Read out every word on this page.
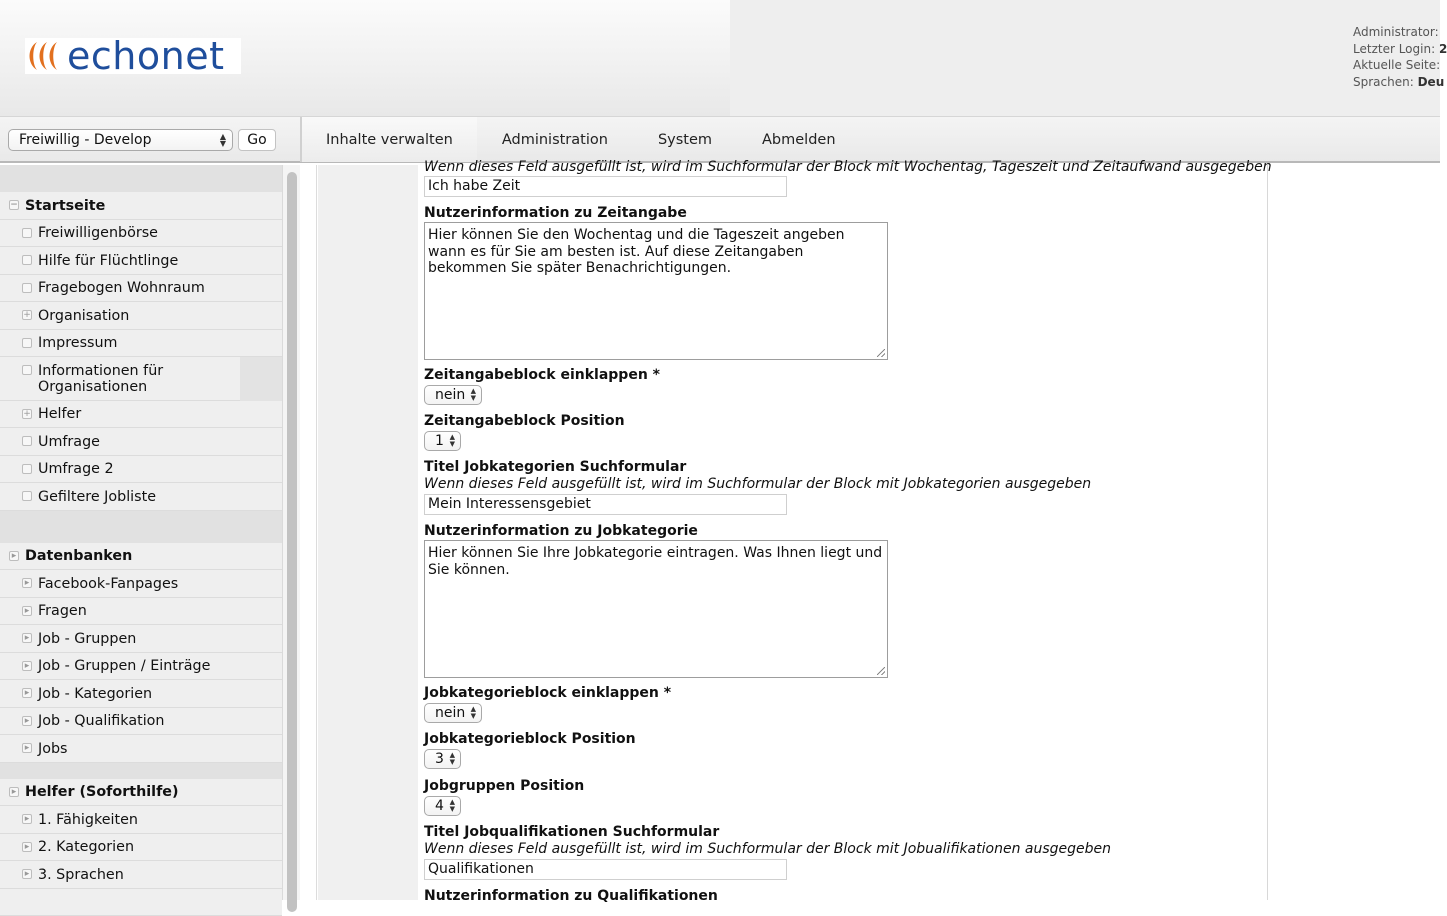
echonet
Administrator:
Letzter Login: 2
Aktuelle Seite:
Sprachen: Deu
Freiwillig - Develop	▲
▼	Go	Inhalte verwalten	Administration	System	Abmelden
− Startseite
Freiwilligenbörse
Hilfe für Flüchtlinge
Fragebogen Wohnraum
+ Organisation
Impressum
Informationen für Organisationen
+ Helfer
Umfrage
Umfrage 2
Gefiltere Jobliste
▸ Datenbanken
▸ Facebook-Fanpages
▸ Fragen
▸ Job - Gruppen
▸ Job - Gruppen / Einträge
▸ Job - Kategorien
▸ Job - Qualifikation
▸ Jobs
▸ Helfer (Soforthilfe)
▸ 1. Fähigkeiten
▸ 2. Kategorien
▸ 3. Sprachen
Wenn dieses Feld ausgefüllt ist, wird im Suchformular der Block mit Wochentag, Tageszeit und Zeitaufwand ausgegeben
Ich habe Zeit
Nutzerinformation zu Zeitangabe
Hier können Sie den Wochentag und die Tageszeit angeben wann es für Sie am besten ist. Auf diese Zeitangaben bekommen Sie später Benachrichtigungen.
Zeitangabeblock einklappen *
nein ▲
▼
Zeitangabeblock Position
1 ▲
▼
Titel Jobkategorien Suchformular
Wenn dieses Feld ausgefüllt ist, wird im Suchformular der Block mit Jobkategorien ausgegeben
Mein Interessensgebiet
Nutzerinformation zu Jobkategorie
Hier können Sie Ihre Jobkategorie eintragen. Was Ihnen liegt und Sie können.
Jobkategorieblock einklappen *
nein ▲
▼
Jobkategorieblock Position
3 ▲
▼
Jobgruppen Position
4 ▲
▼
Titel Jobqualifikationen Suchformular
Wenn dieses Feld ausgefüllt ist, wird im Suchformular der Block mit Jobualifikationen ausgegeben
Qualifikationen
Nutzerinformation zu Qualifikationen
